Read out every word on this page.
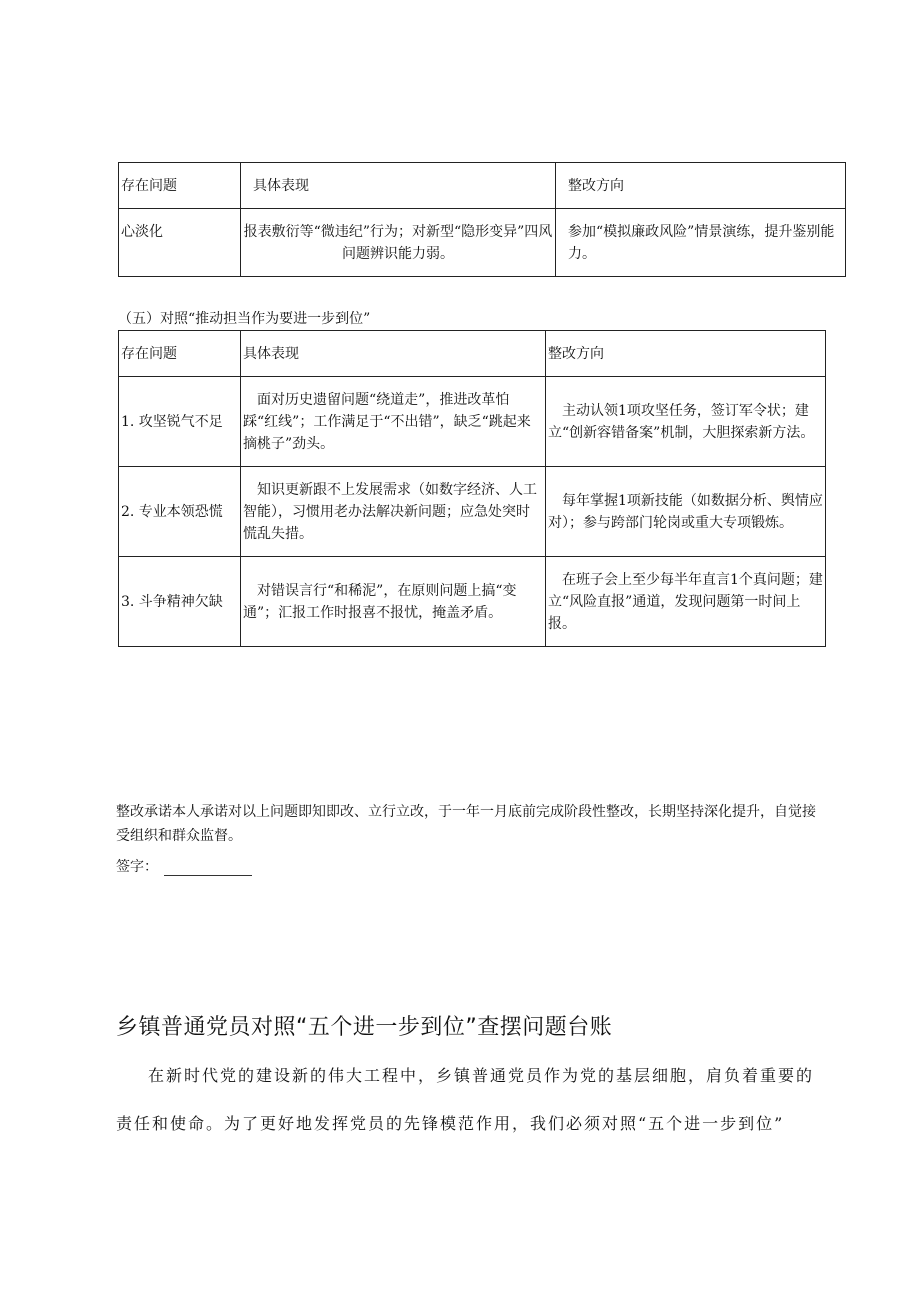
存在问题	具体表现	整改方向
心淡化	报表敷衍等“微违纪”行为；对新型“隐形变异”四风问题辨识能力弱。	参加“模拟廉政风险”情景演练，提升鉴别能力。
（五）对照“推动担当作为要进一步到位”
存在问题	具体表现	整改方向
1. 攻坚锐气不足	面对历史遗留问题“绕道走”，推进改革怕踩“红线”；工作满足于“不出错”，缺乏“跳起来摘桃子”劲头。	主动认领1项攻坚任务，签订军令状；建立“创新容错备案”机制，大胆探索新方法。
2. 专业本领恐慌	知识更新跟不上发展需求（如数字经济、人工智能），习惯用老办法解决新问题；应急处突时慌乱失措。	每年掌握1项新技能（如数据分析、舆情应对）；参与跨部门轮岗或重大专项锻炼。
3. 斗争精神欠缺	对错误言行“和稀泥”，在原则问题上搞“变通”；汇报工作时报喜不报忧，掩盖矛盾。	在班子会上至少每半年直言1个真问题；建立“风险直报”通道，发现问题第一时间上报。
整改承诺本人承诺对以上问题即知即改、立行立改，于一年一月底前完成阶段性整改，长期坚持深化提升，自觉接受组织和群众监督。
签字：
乡镇普通党员对照“五个进一步到位”查摆问题台账
在新时代党的建设新的伟大工程中，乡镇普通党员作为党的基层细胞，肩负着重要的责任和使命。为了更好地发挥党员的先锋模范作用，我们必须对照“五个进一步到位”
